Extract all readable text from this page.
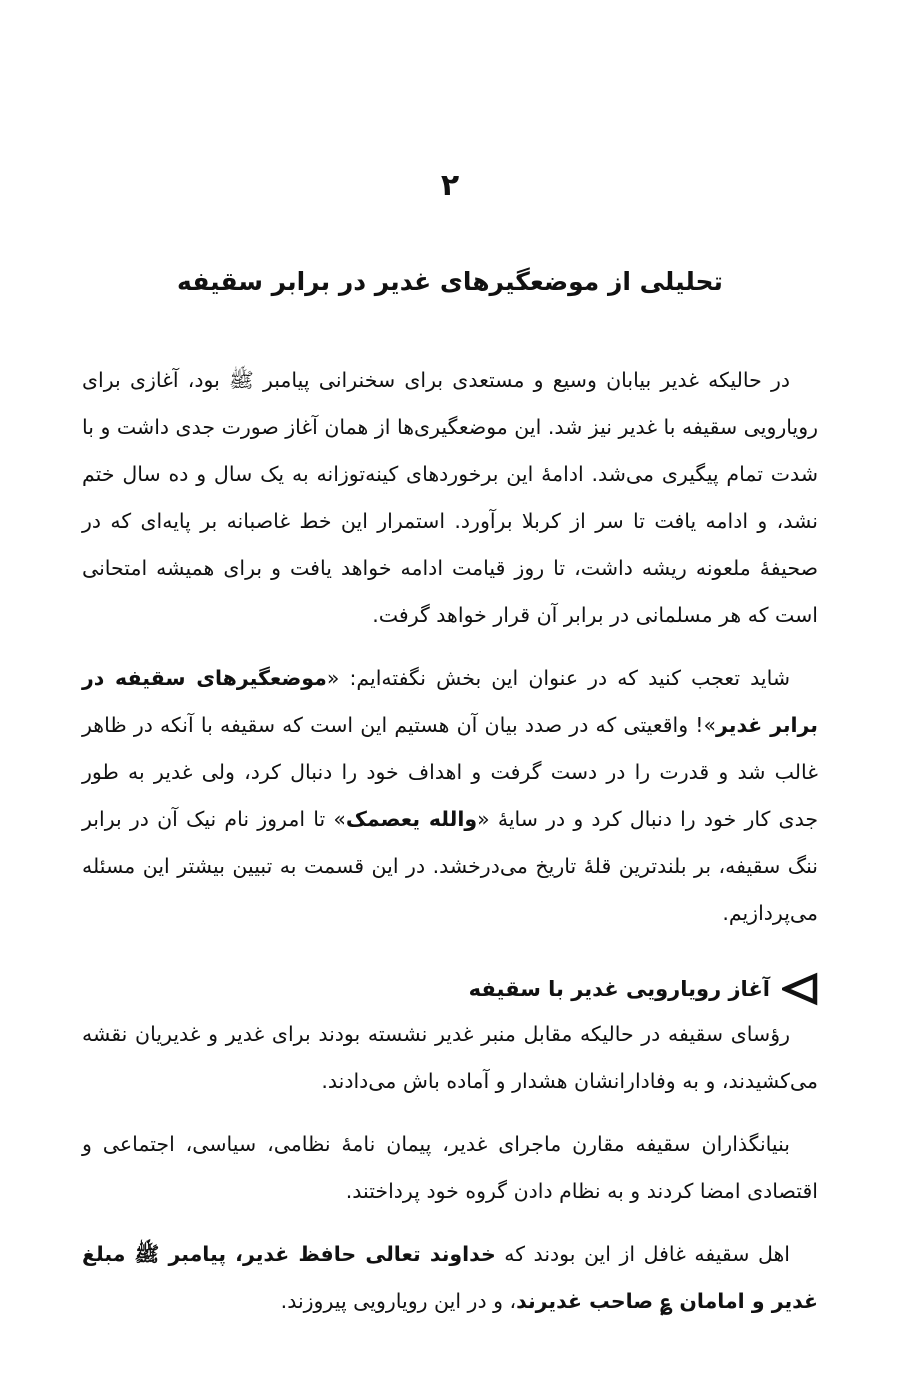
۲
تحلیلی از موضعگیرهای غدیر در برابر سقیفه

در حالیکه غدیر بیابان وسیع و مستعدی برای سخنرانی پیامبر ﷺ بود، آغازی برای رویارویی سقیفه با غدیر نیز شد. این موضعگیری‌ها از همان آغاز صورت جدی داشت و با شدت تمام پیگیری می‌شد. ادامهٔ این برخوردهای کینه‌توزانه به یک سال و ده سال ختم نشد، و ادامه یافت تا سر از کربلا برآورد. استمرار این خط غاصبانه بر پایه‌ای که در صحیفهٔ ملعونه ریشه داشت، تا روز قیامت ادامه خواهد یافت و برای همیشه امتحانی است که هر مسلمانی در برابر آن قرار خواهد گرفت.

شاید تعجب کنید که در عنوان این بخش نگفته‌ایم: «موضعگیرهای سقیفه در برابر غدیر»! واقعیتی که در صدد بیان آن هستیم این است که سقیفه با آنکه در ظاهر غالب شد و قدرت را در دست گرفت و اهداف خود را دنبال کرد، ولی غدیر به طور جدی کار خود را دنبال کرد و در سایهٔ «والله یعصمک» تا امروز نام نیک آن در برابر ننگ سقیفه، بر بلندترین قلهٔ تاریخ می‌درخشد. در این قسمت به تبیین بیشتر این مسئله می‌پردازیم.

آغاز رویارویی غدیر با سقیفه

رؤسای سقیفه در حالیکه مقابل منبر غدیر نشسته بودند برای غدیر و غدیریان نقشه می‌کشیدند، و به وفادارانشان هشدار و آماده باش می‌دادند.

بنیانگذاران سقیفه مقارن ماجرای غدیر، پیمان نامهٔ نظامی، سیاسی، اجتماعی و اقتصادی امضا کردند و به نظام دادن گروه خود پرداختند.

اهل سقیفه غافل از این بودند که خداوند تعالی حافظ غدیر، پیامبر ﷺ مبلغ غدیر و امامان ؏ صاحب غدیرند، و در این رویارویی پیروزند.
